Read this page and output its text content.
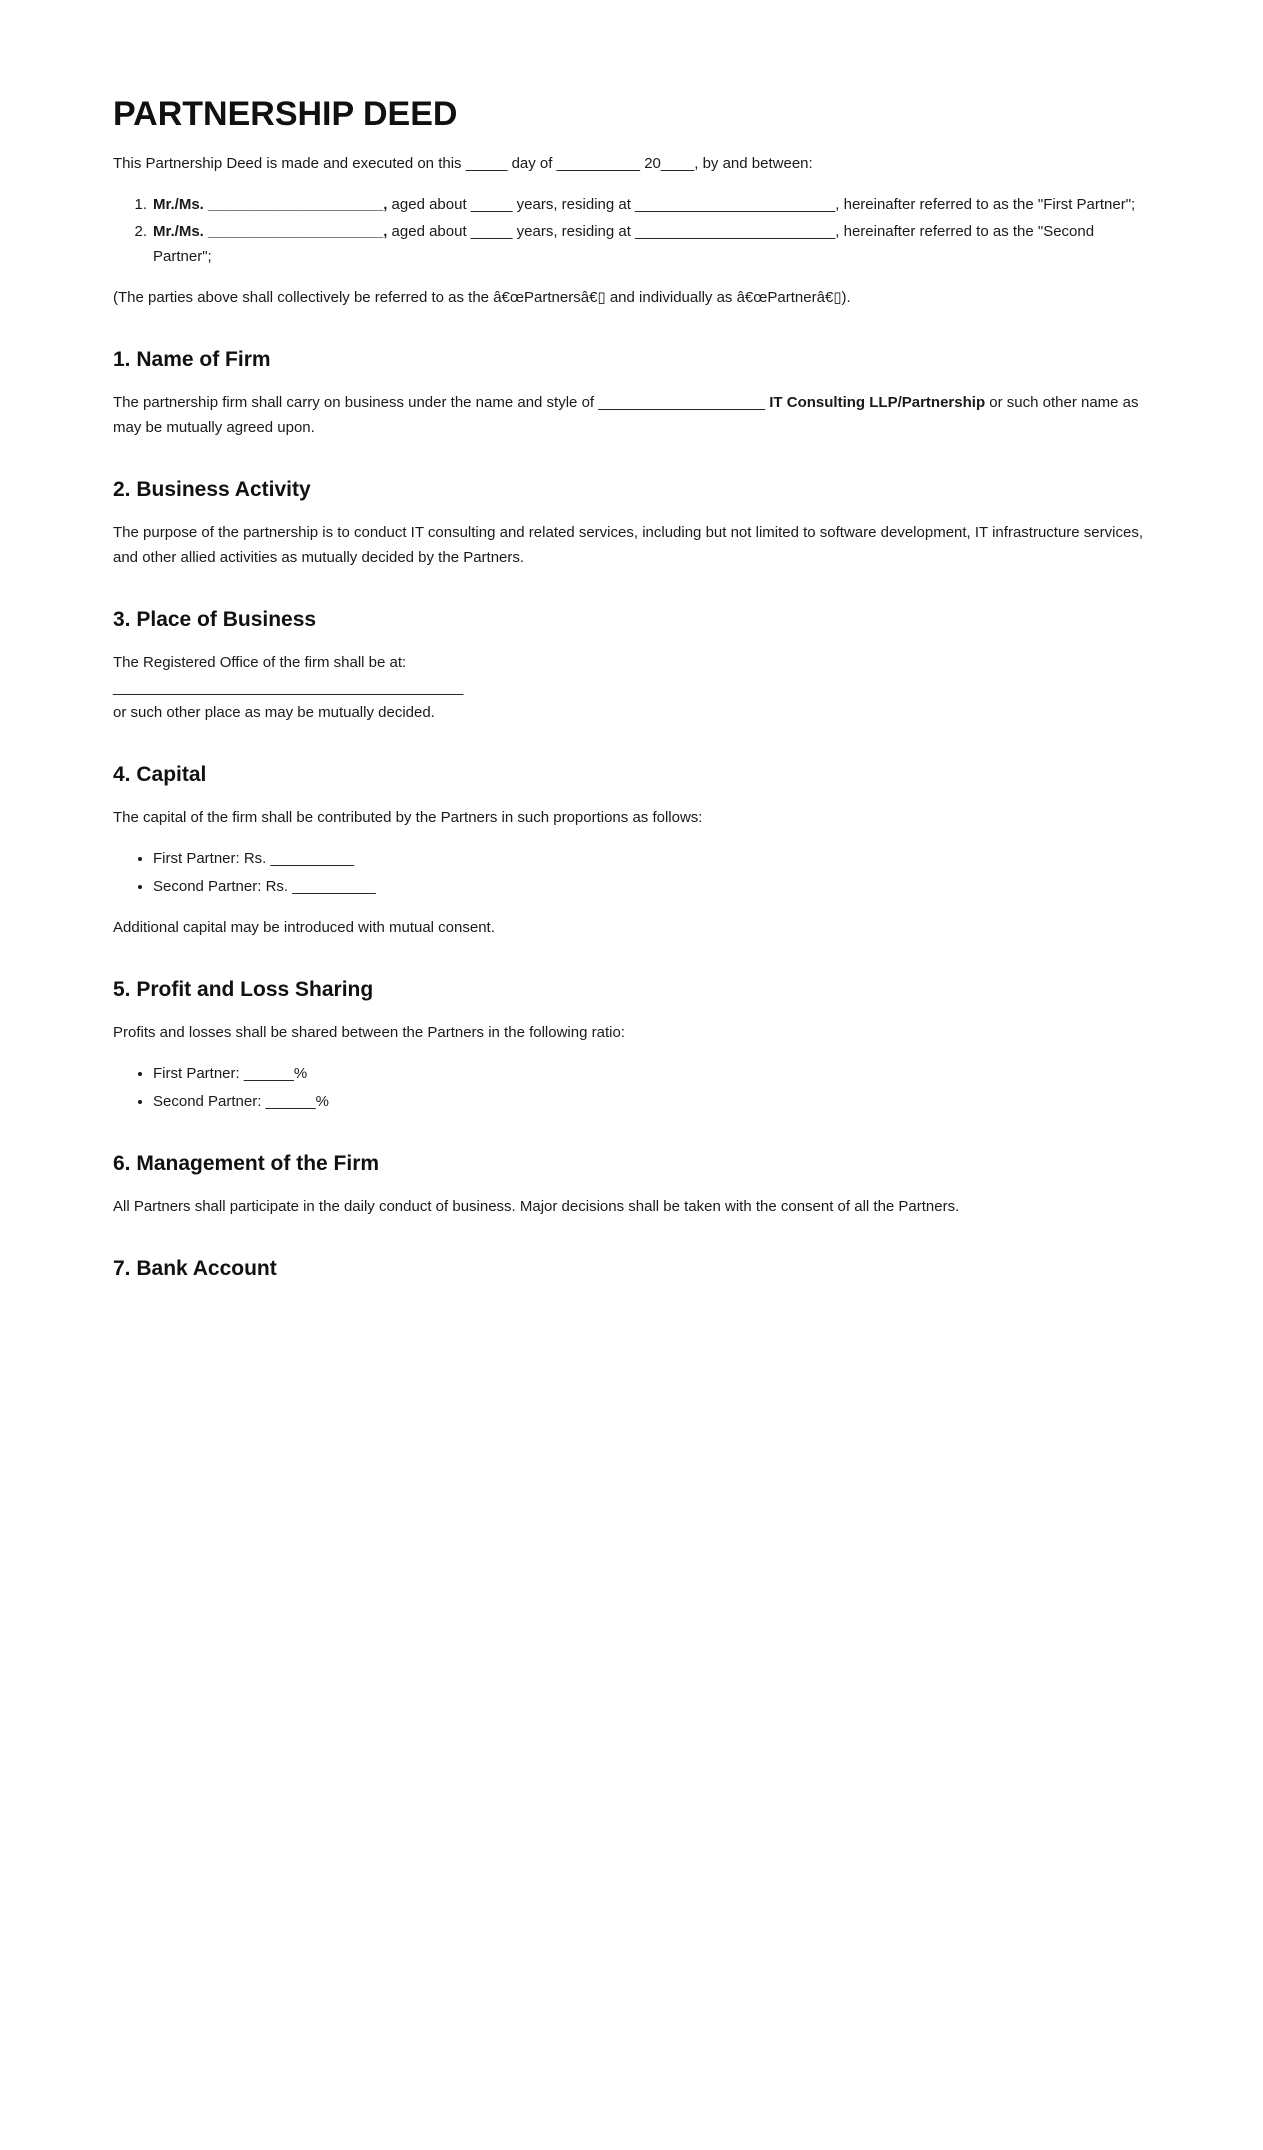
PARTNERSHIP DEED

This Partnership Deed is made and executed on this _____ day of __________ 20____, by and between:

1. Mr./Ms. _____________________, aged about _____ years, residing at ________________________, hereinafter referred to as the "First Partner";
2. Mr./Ms. _____________________, aged about _____ years, residing at ________________________, hereinafter referred to as the "Second Partner";

(The parties above shall collectively be referred to as the â€œPartnersâ€▯ and individually as â€œPartnerâ€▯).

1. Name of Firm

The partnership firm shall carry on business under the name and style of ____________________ IT Consulting LLP/Partnership or such other name as may be mutually agreed upon.

2. Business Activity

The purpose of the partnership is to conduct IT consulting and related services, including but not limited to software development, IT infrastructure services, and other allied activities as mutually decided by the Partners.

3. Place of Business

The Registered Office of the firm shall be at:
__________________________________________
or such other place as may be mutually decided.

4. Capital

The capital of the firm shall be contributed by the Partners in such proportions as follows:

• First Partner: Rs. __________
• Second Partner: Rs. __________

Additional capital may be introduced with mutual consent.

5. Profit and Loss Sharing

Profits and losses shall be shared between the Partners in the following ratio:

• First Partner: ______%
• Second Partner: ______%
6. Management of the Firm

All Partners shall participate in the daily conduct of business. Major decisions shall be taken with the consent of all the Partners.

7. Bank Account
